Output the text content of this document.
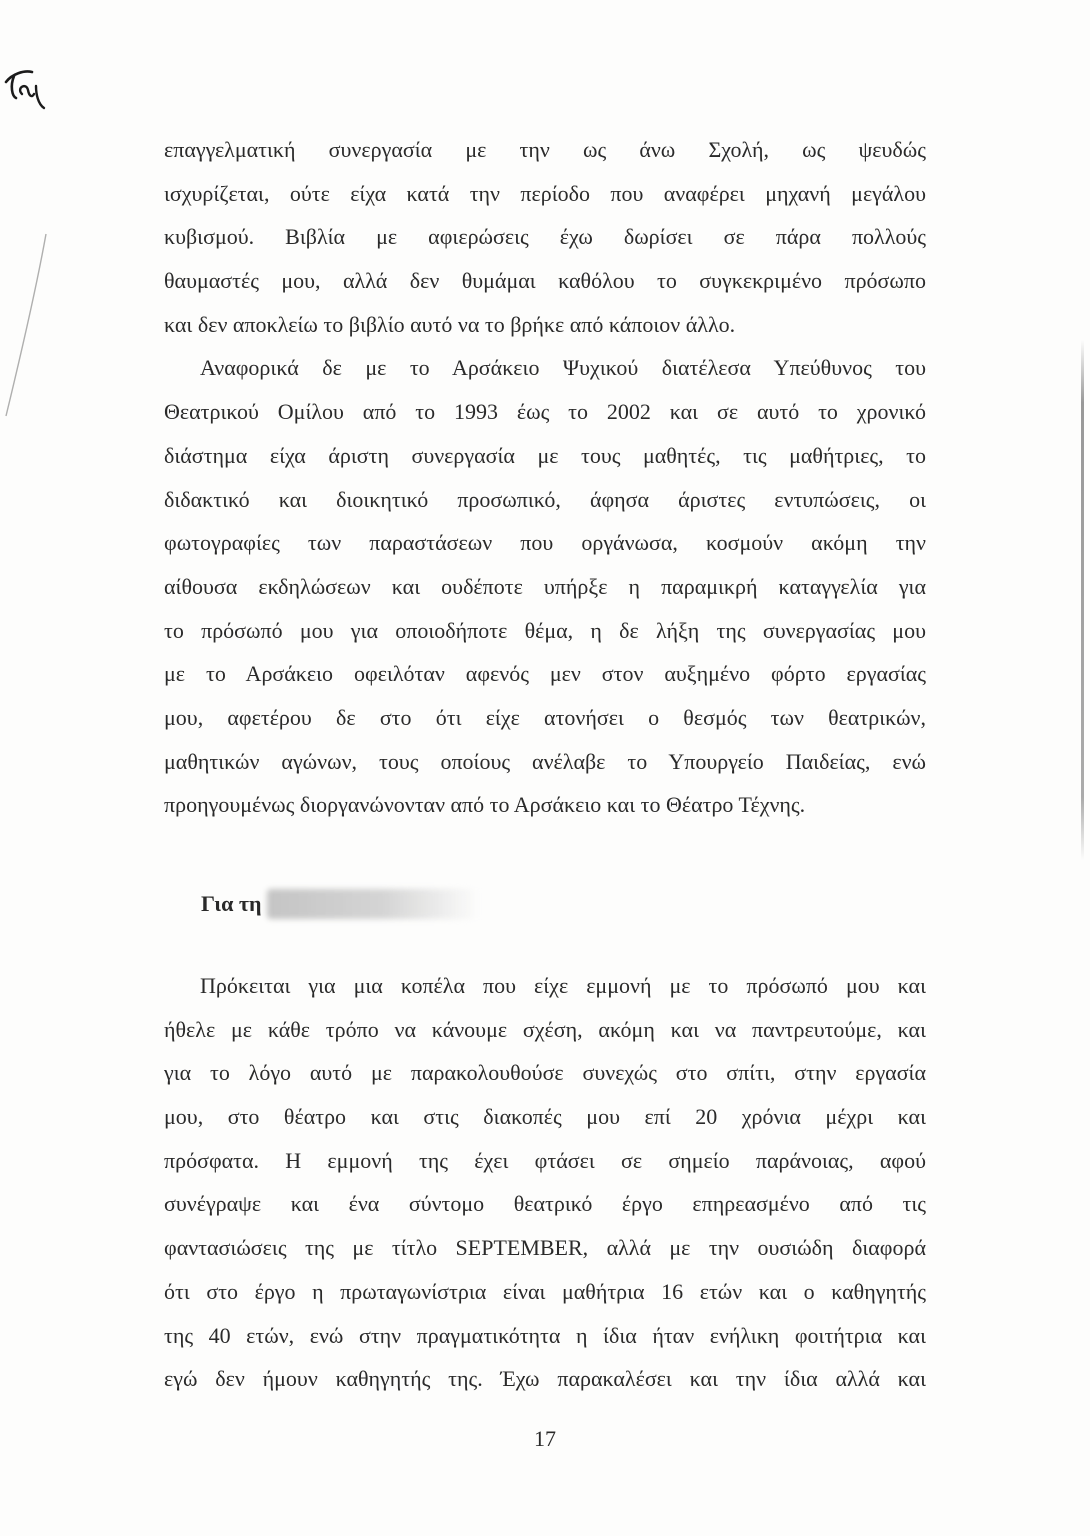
επαγγελματική συνεργασία με την ως άνω Σχολή, ως ψευδώς
ισχυρίζεται, ούτε είχα κατά την περίοδο που αναφέρει μηχανή μεγάλου
κυβισμού. Βιβλία με αφιερώσεις έχω δωρίσει σε πάρα πολλούς
θαυμαστές μου, αλλά δεν θυμάμαι καθόλου το συγκεκριμένο πρόσωπο
και δεν αποκλείω το βιβλίο αυτό να το βρήκε από κάποιον άλλο.
Αναφορικά δε με το Αρσάκειο Ψυχικού διατέλεσα Υπεύθυνος του
Θεατρικού Ομίλου από το 1993 έως το 2002 και σε αυτό το χρονικό
διάστημα είχα άριστη συνεργασία με τους μαθητές, τις μαθήτριες, το
διδακτικό και διοικητικό προσωπικό, άφησα άριστες εντυπώσεις, οι
φωτογραφίες των παραστάσεων που οργάνωσα, κοσμούν ακόμη την
αίθουσα εκδηλώσεων και ουδέποτε υπήρξε η παραμικρή καταγγελία για
το πρόσωπό μου για οποιοδήποτε θέμα, η δε λήξη της συνεργασίας μου
με το Αρσάκειο οφειλόταν αφενός μεν στον αυξημένο φόρτο εργασίας
μου, αφετέρου δε στο ότι είχε ατονήσει ο θεσμός των θεατρικών,
μαθητικών αγώνων, τους οποίους ανέλαβε το Υπουργείο Παιδείας, ενώ
προηγουμένως διοργανώνονταν από το Αρσάκειο και το Θέατρο Τέχνης.
Για τη
Πρόκειται για μια κοπέλα που είχε εμμονή με το πρόσωπό μου και
ήθελε με κάθε τρόπο να κάνουμε σχέση, ακόμη και να παντρευτούμε, και
για το λόγο αυτό με παρακολουθούσε συνεχώς στο σπίτι, στην εργασία
μου, στο θέατρο και στις διακοπές μου επί 20 χρόνια μέχρι και
πρόσφατα. Η εμμονή της έχει φτάσει σε σημείο παράνοιας, αφού
συνέγραψε και ένα σύντομο θεατρικό έργο επηρεασμένο από τις
φαντασιώσεις της με τίτλο SEPTEMBER, αλλά με την ουσιώδη διαφορά
ότι στο έργο η πρωταγωνίστρια είναι μαθήτρια 16 ετών και ο καθηγητής
της 40 ετών, ενώ στην πραγματικότητα η ίδια ήταν ενήλικη φοιτήτρια και
εγώ δεν ήμουν καθηγητής της. Έχω παρακαλέσει και την ίδια αλλά και
17
